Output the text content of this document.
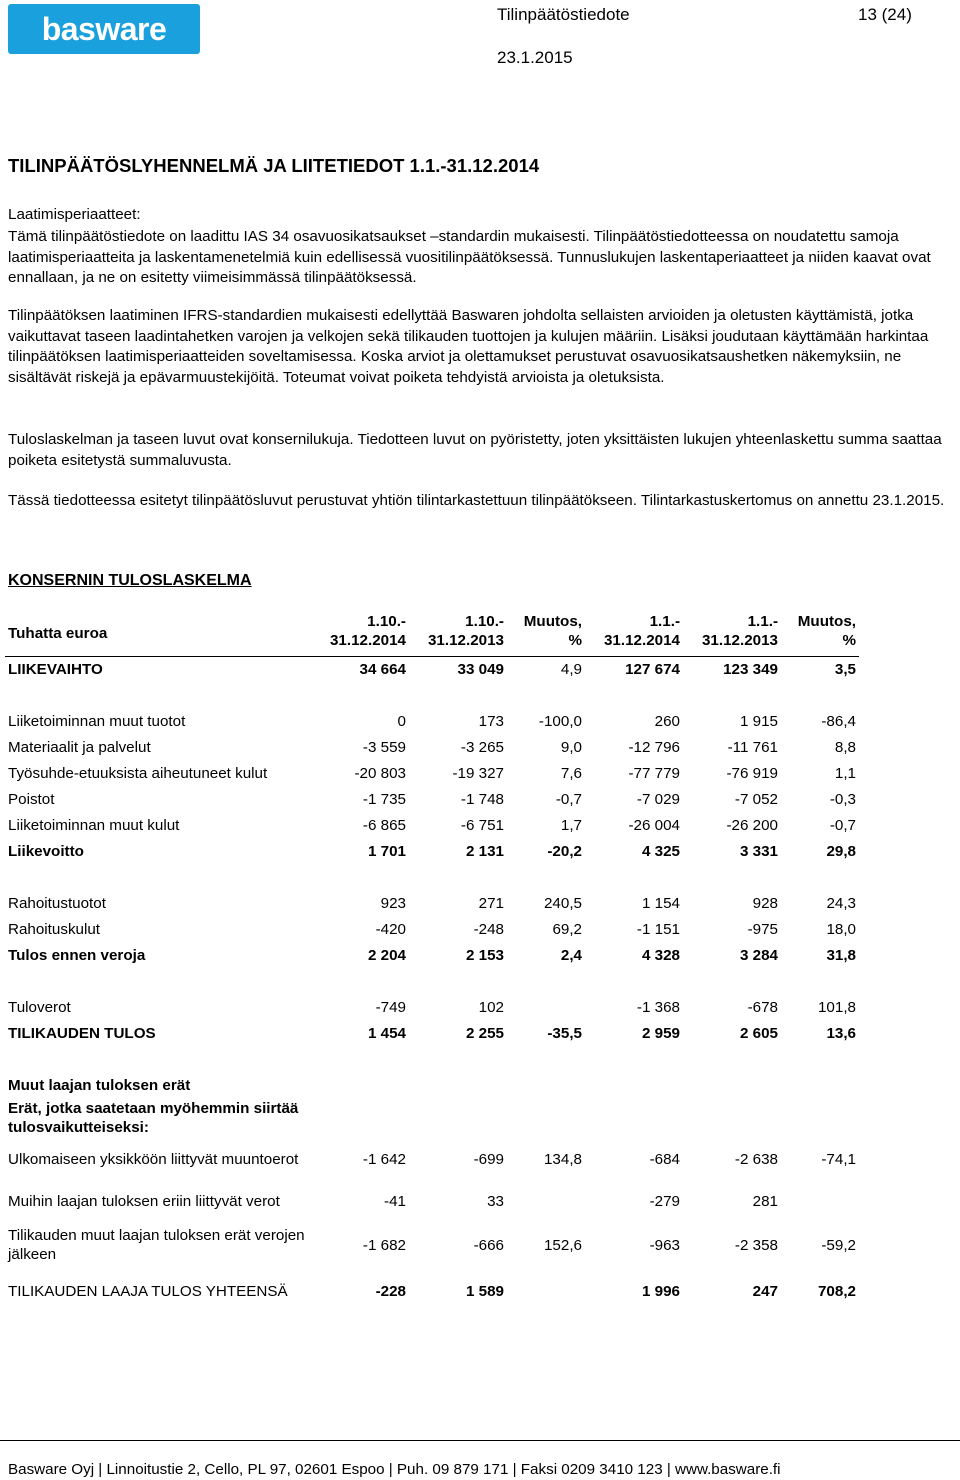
basware	Tilinpäätöstiedote	13 (24)
23.1.2015
TILINPÄÄTÖSLYHENNELMÄ JA LIITETIEDOT 1.1.-31.12.2014
Laatimisperiaatteet:

Tämä tilinpäätöstiedote on laadittu IAS 34 osavuosikatsaukset –standardin mukaisesti. Tilinpäätöstiedotteessa on noudatettu samoja laatimisperiaatteita ja laskentamenetelmiä kuin edellisessä vuositilinpäätöksessä. Tunnuslukujen laskentaperiaatteet ja niiden kaavat ovat ennallaan, ja ne on esitetty viimeisimmässä tilinpäätöksessä.

Tilinpäätöksen laatiminen IFRS-standardien mukaisesti edellyttää Baswaren johdolta sellaisten arvioiden ja oletusten käyttämistä, jotka vaikuttavat taseen laadintahetken varojen ja velkojen sekä tilikauden tuottojen ja kulujen määriin. Lisäksi joudutaan käyttämään harkintaa tilinpäätöksen laatimisperiaatteiden soveltamisessa. Koska arviot ja olettamukset perustuvat osavuosikatsaushetken näkemyksiin, ne sisältävät riskejä ja epävarmuustekijöitä. Toteumat voivat poiketa tehdyistä arvioista ja oletuksista.

Tuloslaskelman ja taseen luvut ovat konsernilukuja. Tiedotteen luvut on pyöristetty, joten yksittäisten lukujen yhteenlaskettu summa saattaa poiketa esitetystä summaluvusta.

Tässä tiedotteessa esitetyt tilinpäätösluvut perustuvat yhtiön tilintarkastettuun tilinpäätökseen. Tilintarkastuskertomus on annettu 23.1.2015.

KONSERNIN TULOSLASKELMA
Tuhatta euroa	1.10.- 31.12.2014	1.10.- 31.12.2013	Muutos, %	1.1.- 31.12.2014	1.1.- 31.12.2013	Muutos, %
LIIKEVAIHTO	34 664	33 049	4,9	127 674	123 349	3,5

Liiketoiminnan muut tuotot	0	173	-100,0	260	1 915	-86,4
Materiaalit ja palvelut	-3 559	-3 265	9,0	-12 796	-11 761	8,8
Työsuhde-etuuksista aiheutuneet kulut	-20 803	-19 327	7,6	-77 779	-76 919	1,1
Poistot	-1 735	-1 748	-0,7	-7 029	-7 052	-0,3
Liiketoiminnan muut kulut	-6 865	-6 751	1,7	-26 004	-26 200	-0,7
Liikevoitto	1 701	2 131	-20,2	4 325	3 331	29,8

Rahoitustuotot	923	271	240,5	1 154	928	24,3
Rahoituskulut	-420	-248	69,2	-1 151	-975	18,0
Tulos ennen veroja	2 204	2 153	2,4	4 328	3 284	31,8

Tuloverot	-749	102		-1 368	-678	101,8
TILIKAUDEN TULOS	1 454	2 255	-35,5	2 959	2 605	13,6

Muut laajan tuloksen erät						
Erät, jotka saatetaan myöhemmin siirtää tulosvaikutteiseksi:						
Ulkomaiseen yksikköön liittyvät muuntoerot	-1 642	-699	134,8	-684	-2 638	-74,1
Muihin laajan tuloksen eriin liittyvät verot	-41	33		-279	281	
Tilikauden muut laajan tuloksen erät verojen jälkeen	-1 682	-666	152,6	-963	-2 358	-59,2
TILIKAUDEN LAAJA TULOS YHTEENSÄ	-228	1 589		1 996	247	708,2
Basware Oyj | Linnoitustie 2, Cello, PL 97, 02601 Espoo | Puh. 09 879 171 | Faksi 0209 3410 123 | www.basware.fi
